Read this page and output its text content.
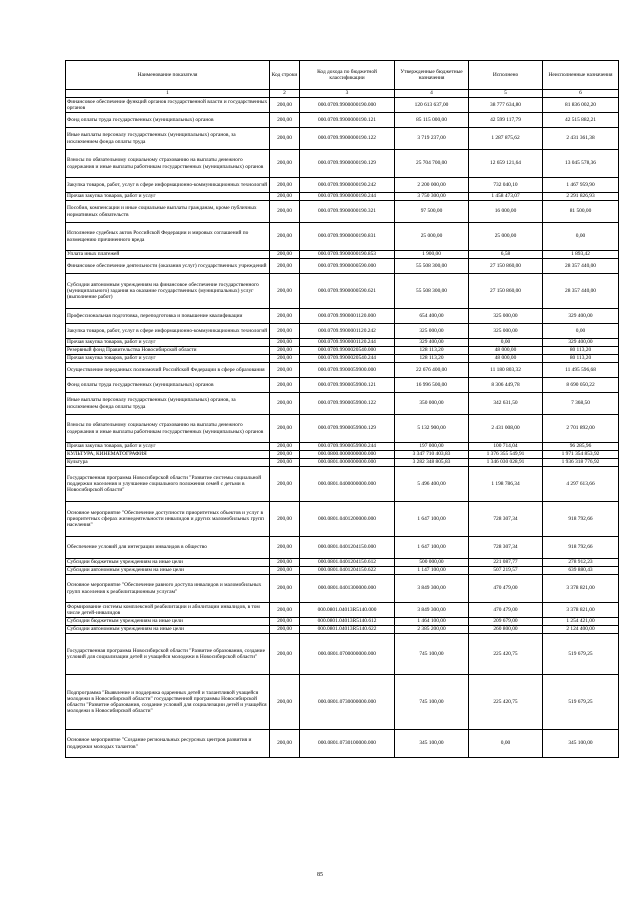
Наименование показателя	Код строки	Код дохода по бюджетной классификации	Утвержденные бюджетные назначения	Исполнено	Неисполненные назначения
1	2	3	4	5	6
Финансовое обеспечение функций органов государственной власти и государственных органов	200,00	000.0709.9900000190.000	120 613 637,00	38 777 634,80	81 836 002,20
Фонд оплаты труда государственных (муниципальных) органов	200,00	000.0709.9900000190.121	85 115 000,00	42 599 117,79	42 515 882,21
Иные выплаты персоналу государственных (муниципальных) органов, за исключением фонда оплаты труда	200,00	000.0709.9900000190.122	3 719 237,00	1 287 875,62	2 431 361,38
Взносы по обязательному социальному страхованию на выплаты денежного содержания и иные выплаты работникам государственных (муниципальных) органов	200,00	000.0709.9900000190.129	25 704 700,00	12 659 121,64	13 045 578,36
Закупка товаров, работ, услуг в сфере информационно-коммуникационных технологий	200,00	000.0709.9900000190.242	2 200 000,00	732 040,10	1 467 959,90
Прочая закупка товаров, работ и услуг	200,00	000.0709.9900000190.244	3 750 300,00	1 458 473,07	2 291 826,93
Пособия, компенсации и иные социальные выплаты гражданам, кроме публичных нормативных обязательств	200,00	000.0709.9900000190.321	97 500,00	16 000,00	81 500,00
Исполнение судебных актов Российской Федерации и мировых соглашений по возмещению причиненного вреда	200,00	000.0709.9900000190.831	25 000,00	25 000,00	0,00
Уплата иных платежей	200,00	000.0709.9900000190.853	1 900,00	6,58	1 893,42
Финансовое обеспечение деятельности (оказания услуг) государственных учреждений	200,00	000.0709.9900000590.000	55 508 300,00	27 150 860,00	28 357 440,00
Субсидии автономным учреждениям на финансовое обеспечение государственного (муниципального) задания на оказание государственных (муниципальных) услуг (выполнение работ)	200,00	000.0709.9900000590.621	55 508 300,00	27 150 860,00	28 357 440,00
Профессиональная подготовка, переподготовка и повышение квалификации	200,00	000.0709.9900001120.000	654 400,00	325 000,00	329 400,00
Закупка товаров, работ, услуг в сфере информационно-коммуникационных технологий	200,00	000.0709.9900001120.242	325 000,00	325 000,00	0,00
Прочая закупка товаров, работ и услуг	200,00	000.0709.9900001120.244	329 400,00	0,00	329 400,00
Резервный фонд Правительства Новосибирской области	200,00	000.0709.9900020540.000	128 113,20	48 000,00	80 113,20
Прочая закупка товаров, работ и услуг	200,00	000.0709.9900020540.244	128 113,20	48 000,00	80 113,20
Осуществление переданных полномочий Российской Федерации в сфере образования	200,00	000.0709.9900059900.000	22 676 400,00	11 180 803,32	11 495 596,68
Фонд оплаты труда государственных (муниципальных) органов	200,00	000.0709.9900059900.121	16 996 500,00	8 306 449,78	8 690 050,22
Иные выплаты персоналу государственных (муниципальных) органов, за исключением фонда оплаты труда	200,00	000.0709.9900059900.122	350 000,00	342 631,50	7 368,50
Взносы по обязательному социальному страхованию на выплаты денежного содержания и иные выплаты работникам государственных (муниципальных) органов	200,00	000.0709.9900059900.129	5 132 900,00	2 431 008,00	2 701 892,00
Прочая закупка товаров, работ и услуг	200,00	000.0709.9900059900.244	197 000,00	100 714,04	96 285,96
КУЛЬТУРА, КИНЕМАТОГРАФИЯ	200,00	000.0800.0000000000.000	3 347 710 403,83	1 376 355 549,91	1 971 354 853,92
Культура	200,00	000.0801.0000000000.000	3 282 348 805,83	1 346 030 028,91	1 936 318 776,92
Государственная программа Новосибирской области "Развитие системы социальной поддержки населения и улучшение социального положения семей с детьми в Новосибирской области"	200,00	000.0801.0400000000.000	5 496 400,00	1 198 786,34	4 297 613,66
Основное мероприятие "Обеспечение доступности приоритетных объектов и услуг в приоритетных сферах жизнедеятельности инвалидов и других маломобильных групп населения"	200,00	000.0801.0401200000.000	1 647 100,00	728 307,34	918 792,66
Обеспечение условий для интеграции инвалидов в общество	200,00	000.0801.0401204150.000	1 647 100,00	728 307,34	918 792,66
Субсидии бюджетным учреждениям на иные цели	200,00	000.0801.0401204150.612	500 000,00	221 087,77	278 912,23
Субсидии автономным учреждениям на иные цели	200,00	000.0801.0401204150.622	1 147 100,00	507 219,57	639 880,43
Основное мероприятие "Обеспечение равного доступа инвалидов и маломобильных групп населения к реабилитационным услугам"	200,00	000.0801.0401300000.000	3 849 300,00	470 479,00	3 378 821,00
Формирование системы комплексной реабилитации и абилитации инвалидов, в том числе детей-инвалидов	200,00	000.0801.04013R5140.000	3 849 300,00	470 479,00	3 378 821,00
Субсидии бюджетным учреждениям на иные цели	200,00	000.0801.04013R5140.612	1 464 100,00	209 679,00	1 254 421,00
Субсидии автономным учреждениям на иные цели	200,00	000.0801.04013R5140.622	2 385 200,00	260 800,00	2 124 400,00
Государственная программа Новосибирской области "Развитие образования, создание условий для социализации детей и учащейся молодежи в Новосибирской области"	200,00	000.0801.0700000000.000	745 100,00	225 420,75	519 679,25
Подпрограмма "Выявление и поддержка одаренных детей и талантливой учащейся молодежи в Новосибирской области" государственной программы Новосибирской области "Развитие образования, создание условий для социализации детей и учащейся молодежи в Новосибирской области"	200,00	000.0801.0730000000.000	745 100,00	225 420,75	519 679,25
Основное мероприятие "Создание региональных ресурсных центров развития и поддержки молодых талантов"	200,00	000.0801.0730100000.000	345 100,00	0,00	345 100,00
85
